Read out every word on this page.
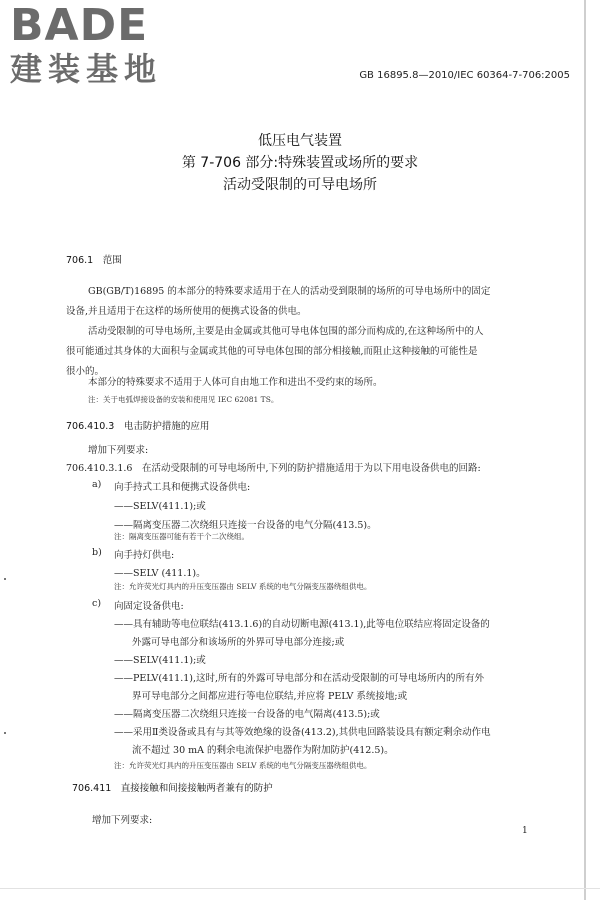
BADE
建装基地	GB 16895.8—2010/IEC 60364-7-706:2005
低压电气装置
第 7-706 部分:特殊装置或场所的要求
活动受限制的可导电场所
706.1　范围
GB(GB/T)16895 的本部分的特殊要求适用于在人的活动受到限制的场所的可导电场所中的固定
设备,并且适用于在这样的场所使用的便携式设备的供电。
活动受限制的可导电场所,主要是由金属或其他可导电体包围的部分而构成的,在这种场所中的人
很可能通过其身体的大面积与金属或其他的可导电体包围的部分相接触,而阻止这种接触的可能性是
很小的。
本部分的特殊要求不适用于人体可自由地工作和进出不受约束的场所。
注：关于电弧焊接设备的安装和使用见 IEC 62081 TS。
706.410.3　电击防护措施的应用
增加下列要求:
706.410.3.1.6　在活动受限制的可导电场所中,下列的防护措施适用于为以下用电设备供电的回路:
a) 向手持式工具和便携式设备供电:
——SELV(411.1);或
——隔离变压器二次绕组只连接一台设备的电气分隔(413.5)。
注：隔离变压器可能有若干个二次绕组。
b) 向手持灯供电:
——SELV (411.1)。
注：允许荧光灯具内的升压变压器由 SELV 系统的电气分隔变压器绕组供电。
c) 向固定设备供电:
——具有辅助等电位联结(413.1.6)的自动切断电源(413.1),此等电位联结应将固定设备的
外露可导电部分和该场所的外界可导电部分连接;或
——SELV(411.1);或
——PELV(411.1),这时,所有的外露可导电部分和在活动受限制的可导电场所内的所有外
界可导电部分之间都应进行等电位联结,并应将 PELV 系统接地;或
——隔离变压器二次绕组只连接一台设备的电气隔离(413.5);或
——采用Ⅱ类设备或具有与其等效绝缘的设备(413.2),其供电回路装设具有额定剩余动作电
流不超过 30 mA 的剩余电流保护电器作为附加防护(412.5)。
注：允许荧光灯具内的升压变压器由 SELV 系统的电气分隔变压器绕组供电。
706.411　直接接触和间接接触两者兼有的防护
增加下列要求:
1
